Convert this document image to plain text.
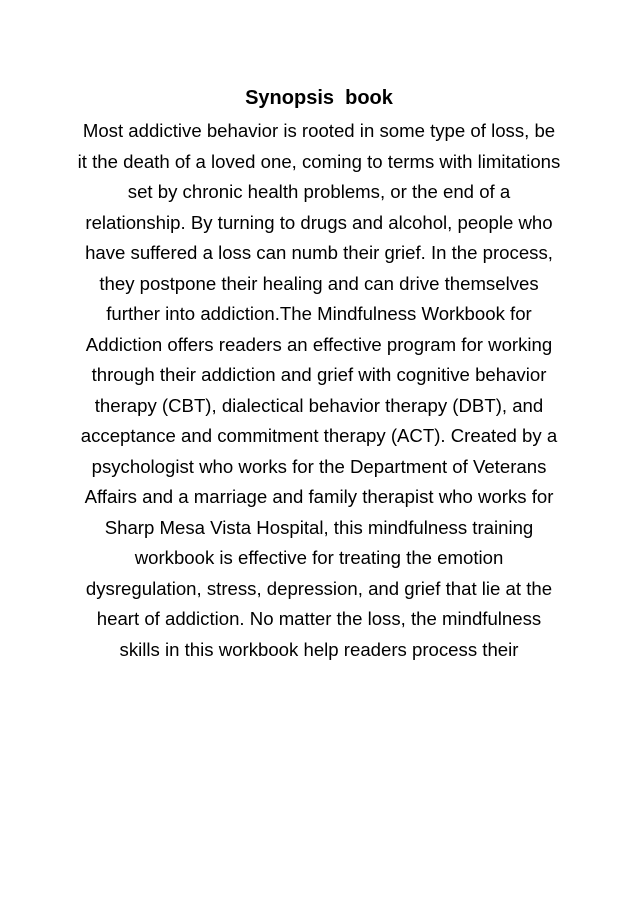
Synopsis  book
Most addictive behavior is rooted in some type of loss, be
it the death of a loved one, coming to terms with limitations
set by chronic health problems, or the end of a
relationship. By turning to drugs and alcohol, people who
have suffered a loss can numb their grief. In the process,
they postpone their healing and can drive themselves
further into addiction.The Mindfulness Workbook for
Addiction offers readers an effective program for working
through their addiction and grief with cognitive behavior
therapy (CBT), dialectical behavior therapy (DBT), and
acceptance and commitment therapy (ACT). Created by a
psychologist who works for the Department of Veterans
Affairs and a marriage and family therapist who works for
Sharp Mesa Vista Hospital, this mindfulness training
workbook is effective for treating the emotion
dysregulation, stress, depression, and grief that lie at the
heart of addiction. No matter the loss, the mindfulness
skills in this workbook help readers process their
